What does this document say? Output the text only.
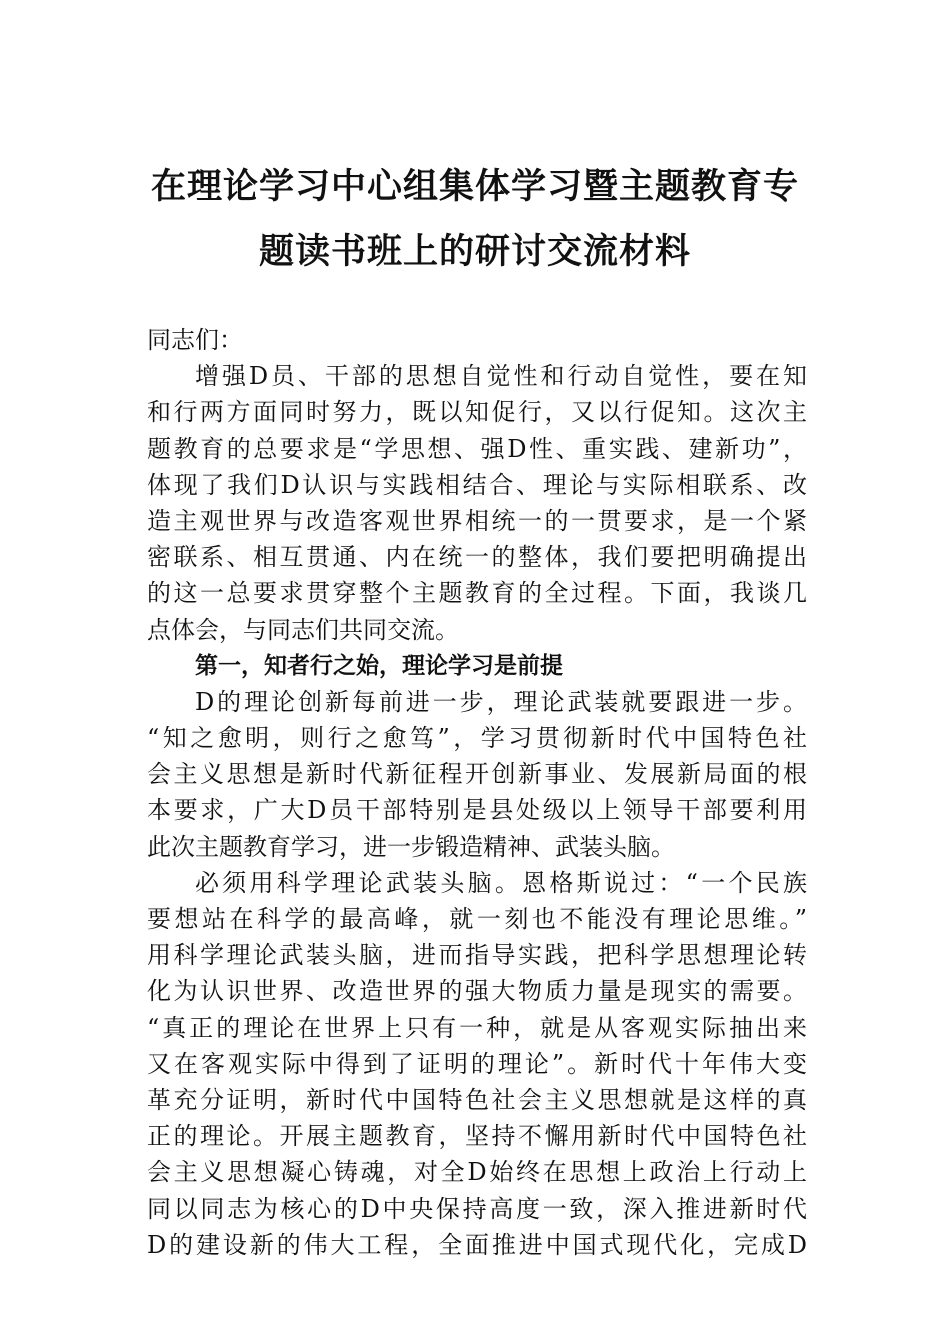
在理论学习中心组集体学习暨主题教育专
题读书班上的研讨交流材料
同志们：
增强D员、干部的思想自觉性和行动自觉性，要在知
和行两方面同时努力，既以知促行，又以行促知。这次主
题教育的总要求是“学思想、强D性、重实践、建新功”，
体现了我们D认识与实践相结合、理论与实际相联系、改
造主观世界与改造客观世界相统一的一贯要求，是一个紧
密联系、相互贯通、内在统一的整体，我们要把明确提出
的这一总要求贯穿整个主题教育的全过程。下面，我谈几
点体会，与同志们共同交流。
第一，知者行之始，理论学习是前提
D的理论创新每前进一步，理论武装就要跟进一步。
“知之愈明，则行之愈笃”，学习贯彻新时代中国特色社
会主义思想是新时代新征程开创新事业、发展新局面的根
本要求，广大D员干部特别是县处级以上领导干部要利用
此次主题教育学习，进一步锻造精神、武装头脑。
必须用科学理论武装头脑。恩格斯说过：“一个民族
要想站在科学的最高峰，就一刻也不能没有理论思维。”
用科学理论武装头脑，进而指导实践，把科学思想理论转
化为认识世界、改造世界的强大物质力量是现实的需要。
“真正的理论在世界上只有一种，就是从客观实际抽出来
又在客观实际中得到了证明的理论”。新时代十年伟大变
革充分证明，新时代中国特色社会主义思想就是这样的真
正的理论。开展主题教育，坚持不懈用新时代中国特色社
会主义思想凝心铸魂，对全D始终在思想上政治上行动上
同以同志为核心的D中央保持高度一致，深入推进新时代
D的建设新的伟大工程，全面推进中国式现代化，完成D
